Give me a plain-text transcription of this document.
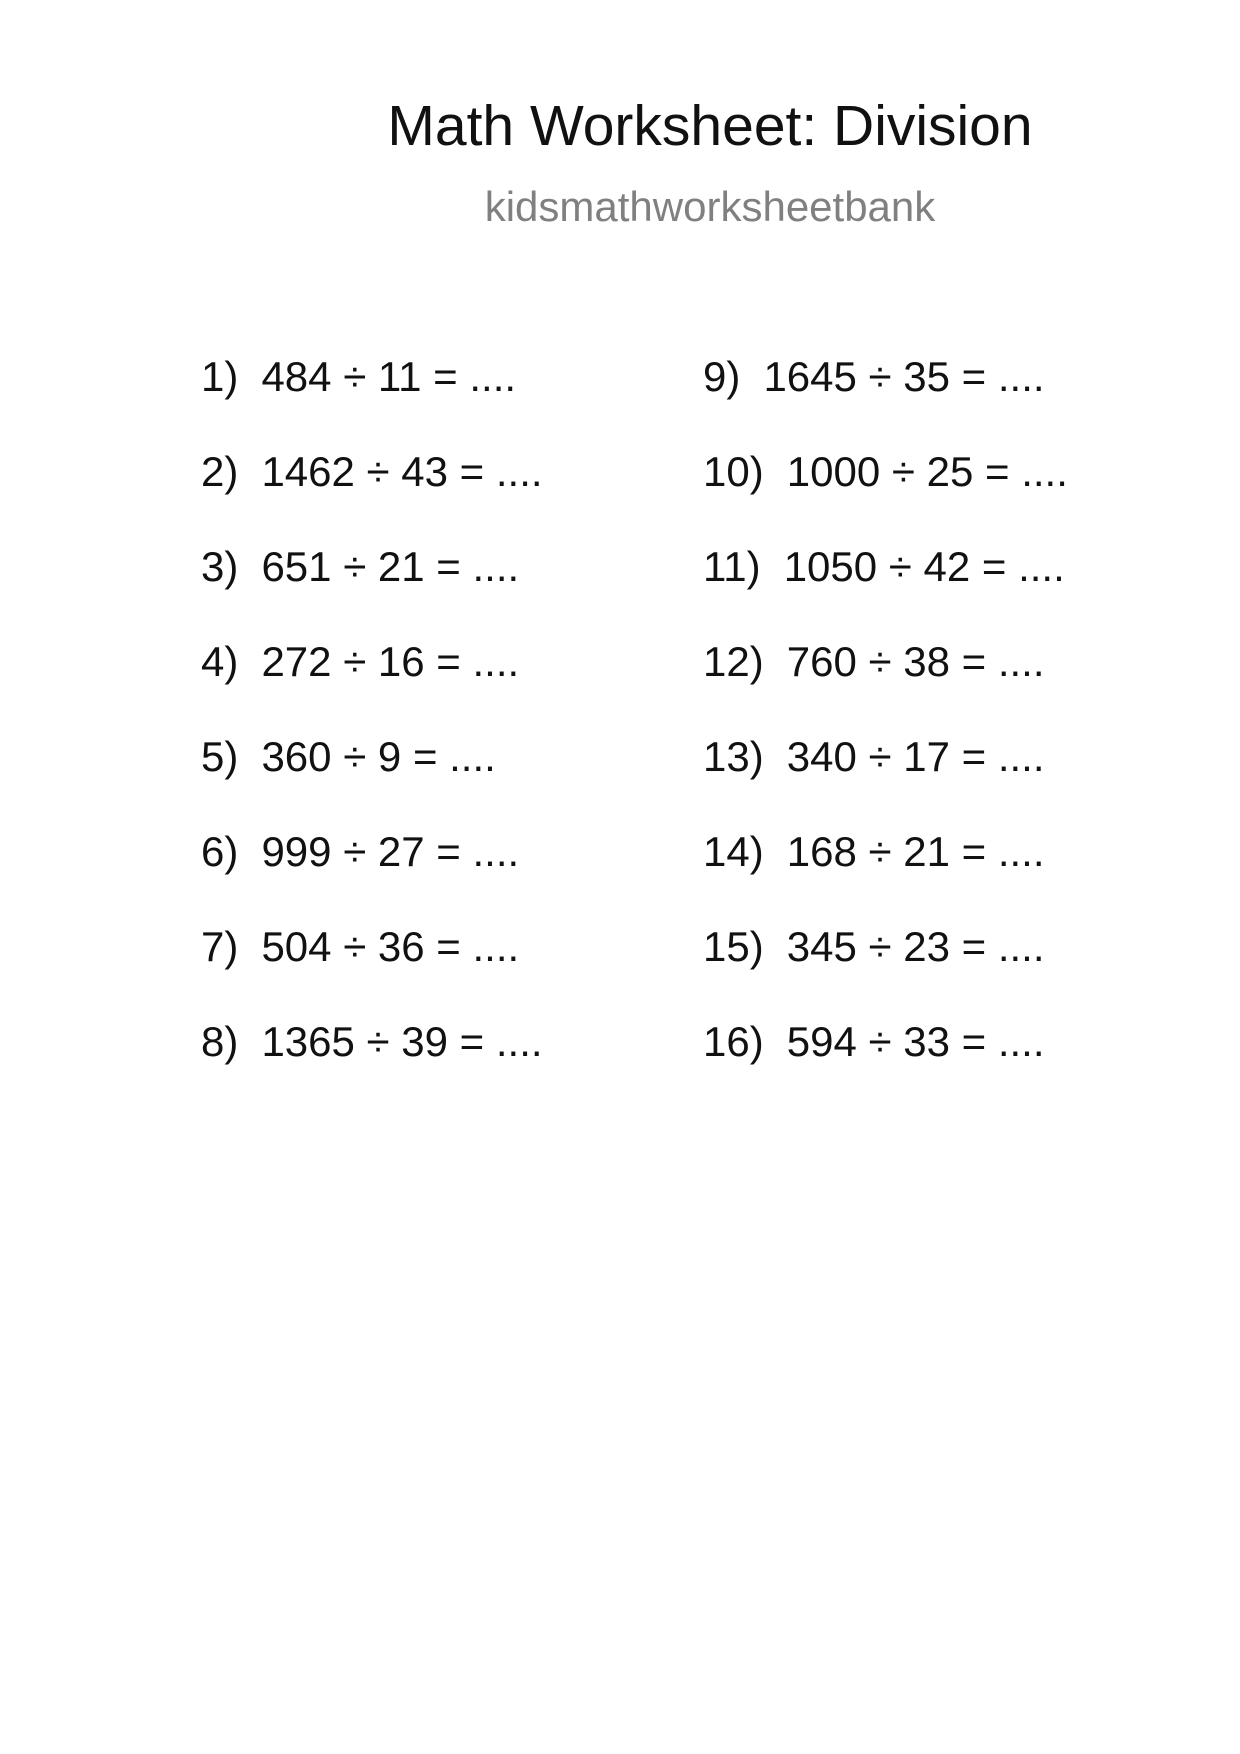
Math Worksheet: Division
kidsmathworksheetbank
1) 484 ÷ 11 = ....
2) 1462 ÷ 43 = ....
3) 651 ÷ 21 = ....
4) 272 ÷ 16 = ....
5) 360 ÷ 9 = ....
6) 999 ÷ 27 = ....
7) 504 ÷ 36 = ....
8) 1365 ÷ 39 = ....
9) 1645 ÷ 35 = ....
10) 1000 ÷ 25 = ....
11) 1050 ÷ 42 = ....
12) 760 ÷ 38 = ....
13) 340 ÷ 17 = ....
14) 168 ÷ 21 = ....
15) 345 ÷ 23 = ....
16) 594 ÷ 33 = ....
